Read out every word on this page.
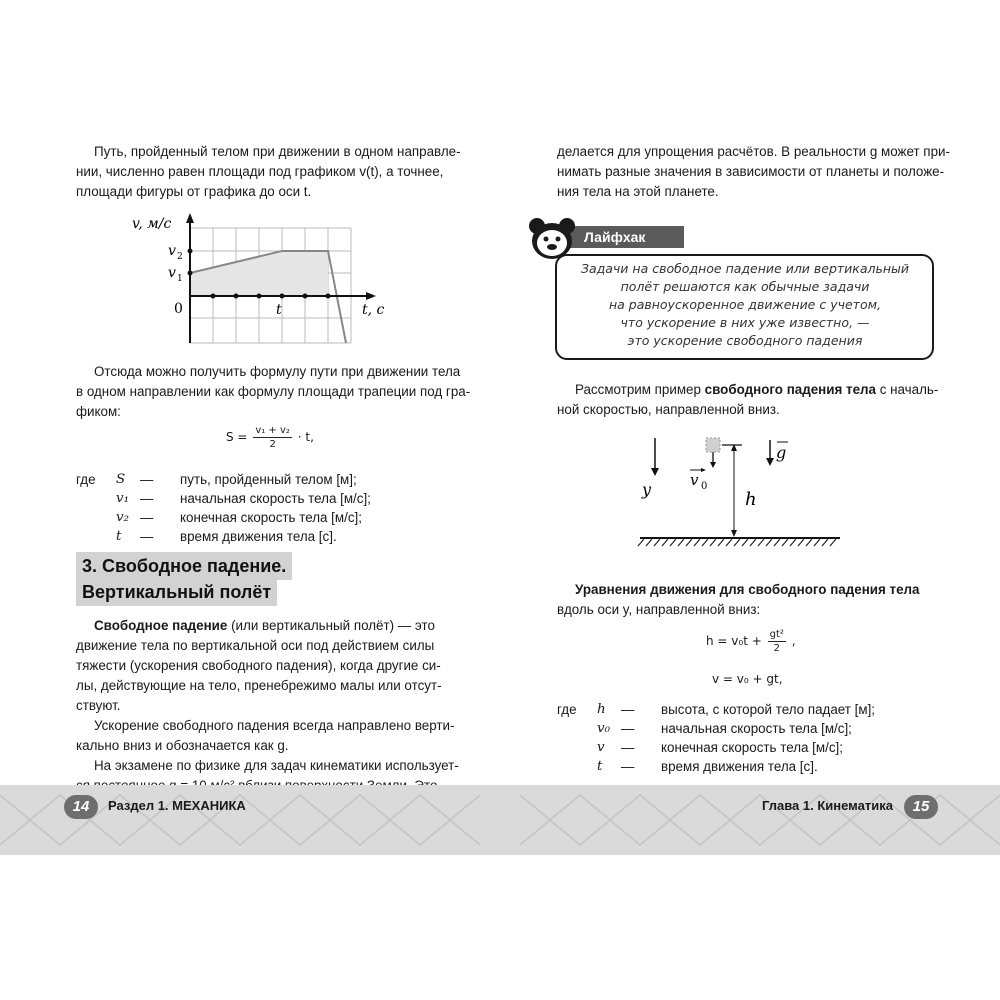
Путь, пройденный телом при движении в одном направле-
нии, численно равен площади под графиком v(t), а точнее,
площади фигуры от графика до оси t.
v, м/с
v 2
v 1
0	t	t, с
Отсюда можно получить формулу пути при движении тела
в одном направлении как формулу площади трапеции под гра-
фиком:
$S = \frac{\text{v₁ + v₂}}{2} \cdot t$,
где	S	—	путь, пройденный телом [м];
v₁ —	начальная скорость тела [м/с];
v₂ —	конечная скорость тела [м/с];
t	—	время движения тела [с].
3. Свободное падение.
Вертикальный полёт
Свободное падение (или вертикальный полёт) — это
движение тела по вертикальной оси под действием силы
тяжести (ускорения свободного падения), когда другие си-
лы, действующие на тело, пренебрежимо малы или отсут-
ствуют.
Ускорение свободного падения всегда направлено верти-
кально вниз и обозначается как g.
На экзамене по физике для задач кинематики использует-
делается для упрощения расчётов. В реальности g может при-
нимать разные значения в зависимости от планеты и положе-
ния тела на этой планете.
Лайфхак
Задачи на свободное падение или вертикальный
полёт решаются как обычные задачи
на равноускоренное движение с учетом,
что ускорение в них уже известно, —
это ускорение свободного падения
Рассмотрим пример свободного падения тела с началь-
ной скоростью, направленной вниз.
y	v 0
h
g
Уравнения движения для свободного падения тела
вдоль оси y, направленной вниз:
$h = v_0t + \frac{\text{gt²}}{2}$ ,
v = v₀ + gt,
где	h	—	высота, с которой тело падает [м];
v₀ —	начальная скорость тела [м/с];
v	—	конечная скорость тела [м/с];
t	—	время движения тела [с].
14	Раздел 1. МЕХАНИКА	Глава 1. Кинематика	15
